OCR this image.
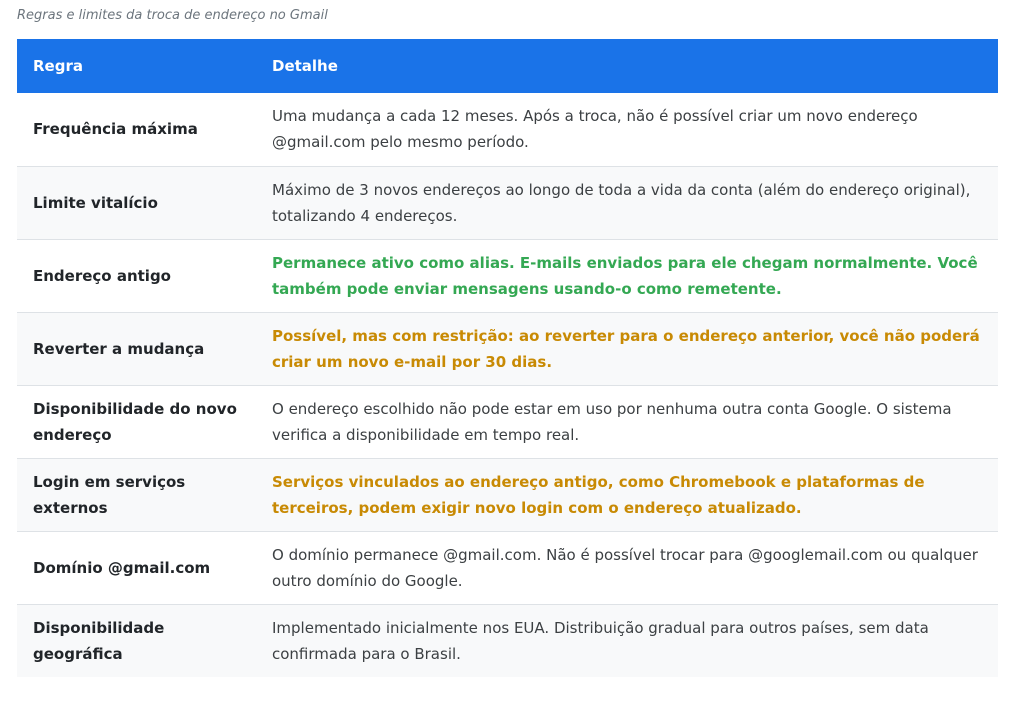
Regras e limites da troca de endereço no Gmail

Regra	Detalhe
Frequência máxima	Uma mudança a cada 12 meses. Após a troca, não é possível criar um novo endereço @gmail.com pelo mesmo período.
Limite vitalício	Máximo de 3 novos endereços ao longo de toda a vida da conta (além do endereço original), totalizando 4 endereços.
Endereço antigo	Permanece ativo como alias. E-mails enviados para ele chegam normalmente. Você também pode enviar mensagens usando-o como remetente.
Reverter a mudança	Possível, mas com restrição: ao reverter para o endereço anterior, você não poderá criar um novo e-mail por 30 dias.
Disponibilidade do novo endereço	O endereço escolhido não pode estar em uso por nenhuma outra conta Google. O sistema verifica a disponibilidade em tempo real.
Login em serviços externos	Serviços vinculados ao endereço antigo, como Chromebook e plataformas de terceiros, podem exigir novo login com o endereço atualizado.
Domínio @gmail.com	O domínio permanece @gmail.com. Não é possível trocar para @googlemail.com ou qualquer outro domínio do Google.
Disponibilidade geográfica	Implementado inicialmente nos EUA. Distribuição gradual para outros países, sem data confirmada para o Brasil.
